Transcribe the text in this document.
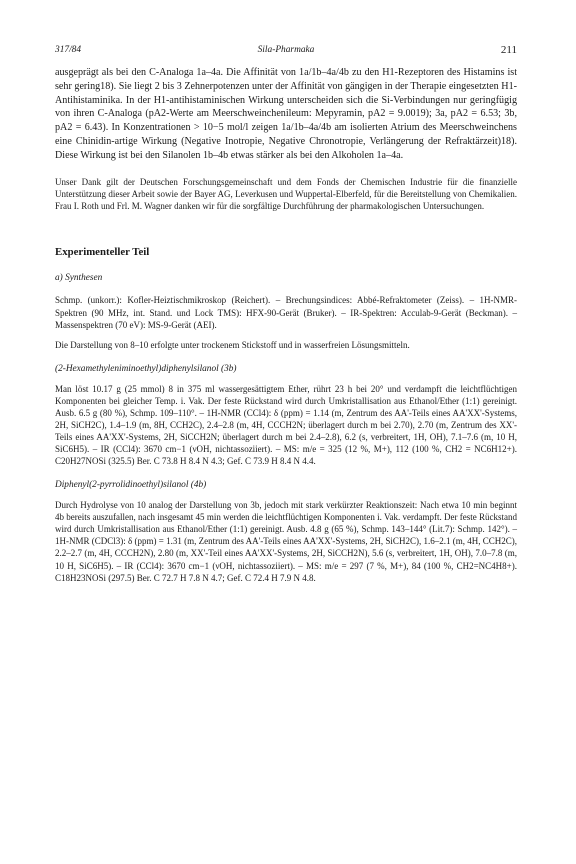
317/84	Sila-Pharmaka	211

ausgeprägt als bei den C-Analoga 1a–4a. Die Affinität von 1a/1b–4a/4b zu den H1-Rezeptoren des Histamins ist sehr gering18). Sie liegt 2 bis 3 Zehnerpotenzen unter der Affinität von gängigen in der Therapie eingesetzten H1-Antihistaminika. In der H1-antihistaminischen Wirkung unterscheiden sich die Si-Verbindungen nur geringfügig von ihren C-Analoga (pA2-Werte am Meerschweinchenileum: Mepyramin, pA2 = 9.0019); 3a, pA2 = 6.53; 3b, pA2 = 6.43). In Konzentrationen > 10−5 mol/l zeigen 1a/1b–4a/4b am isolierten Atrium des Meerschweinchens eine Chinidin-artige Wirkung (Negative Inotropie, Negative Chronotropie, Verlängerung der Refraktärzeit)18). Diese Wirkung ist bei den Silanolen 1b–4b etwas stärker als bei den Alkoholen 1a–4a.

Unser Dank gilt der Deutschen Forschungsgemeinschaft und dem Fonds der Chemischen Industrie für die finanzielle Unterstützung dieser Arbeit sowie der Bayer AG, Leverkusen und Wuppertal-Elberfeld, für die Bereitstellung von Chemikalien. Frau I. Roth und Frl. M. Wagner danken wir für die sorgfältige Durchführung der pharmakologischen Untersuchungen.

Experimenteller Teil

a) Synthesen

Schmp. (unkorr.): Kofler-Heiztischmikroskop (Reichert). – Brechungsindices: Abbé-Refraktometer (Zeiss). – 1H-NMR-Spektren (90 MHz, int. Stand. und Lock TMS): HFX-90-Gerät (Bruker). – IR-Spektren: Acculab-9-Gerät (Beckman). – Massenspektren (70 eV): MS-9-Gerät (AEI).

Die Darstellung von 8–10 erfolgte unter trockenem Stickstoff und in wasserfreien Lösungsmitteln.

(2-Hexamethyleniminoethyl)diphenylsilanol (3b)

Man löst 10.17 g (25 mmol) 8 in 375 ml wassergesättigtem Ether, rührt 23 h bei 20° und verdampft die leichtflüchtigen Komponenten bei gleicher Temp. i. Vak. Der feste Rückstand wird durch Umkristallisation aus Ethanol/Ether (1:1) gereinigt. Ausb. 6.5 g (80 %), Schmp. 109–110°. – 1H-NMR (CCl4): δ (ppm) = 1.14 (m, Zentrum des AA'-Teils eines AA'XX'-Systems, 2H, SiCH2C), 1.4–1.9 (m, 8H, CCH2C), 2.4–2.8 (m, 4H, CCCH2N; überlagert durch m bei 2.70), 2.70 (m, Zentrum des XX'-Teils eines AA'XX'-Systems, 2H, SiCCH2N; überlagert durch m bei 2.4–2.8), 6.2 (s, verbreitert, 1H, OH), 7.1–7.6 (m, 10 H, SiC6H5). – IR (CCl4): 3670 cm−1 (νOH, nichtassoziiert). – MS: m/e = 325 (12 %, M+), 112 (100 %, CH2 = NC6H12+). C20H27NOSi (325.5) Ber. C 73.8 H 8.4 N 4.3; Gef. C 73.9 H 8.4 N 4.4.

Diphenyl(2-pyrrolidinoethyl)silanol (4b)

Durch Hydrolyse von 10 analog der Darstellung von 3b, jedoch mit stark verkürzter Reaktionszeit: Nach etwa 10 min beginnt 4b bereits auszufallen, nach insgesamt 45 min werden die leichtflüchtigen Komponenten i. Vak. verdampft. Der feste Rückstand wird durch Umkristallisation aus Ethanol/Ether (1:1) gereinigt. Ausb. 4.8 g (65 %), Schmp. 143–144° (Lit.7): Schmp. 142°). – 1H-NMR (CDCl3): δ (ppm) = 1.31 (m, Zentrum des AA'-Teils eines AA'XX'-Systems, 2H, SiCH2C), 1.6–2.1 (m, 4H, CCH2C), 2.2–2.7 (m, 4H, CCCH2N), 2.80 (m, XX'-Teil eines AA'XX'-Systems, 2H, SiCCH2N), 5.6 (s, verbreitert, 1H, OH), 7.0–7.8 (m, 10 H, SiC6H5). – IR (CCl4): 3670 cm−1 (νOH, nichtassoziiert). – MS: m/e = 297 (7 %, M+), 84 (100 %, CH2=NC4H8+). C18H23NOSi (297.5) Ber. C 72.7 H 7.8 N 4.7; Gef. C 72.4 H 7.9 N 4.8.
